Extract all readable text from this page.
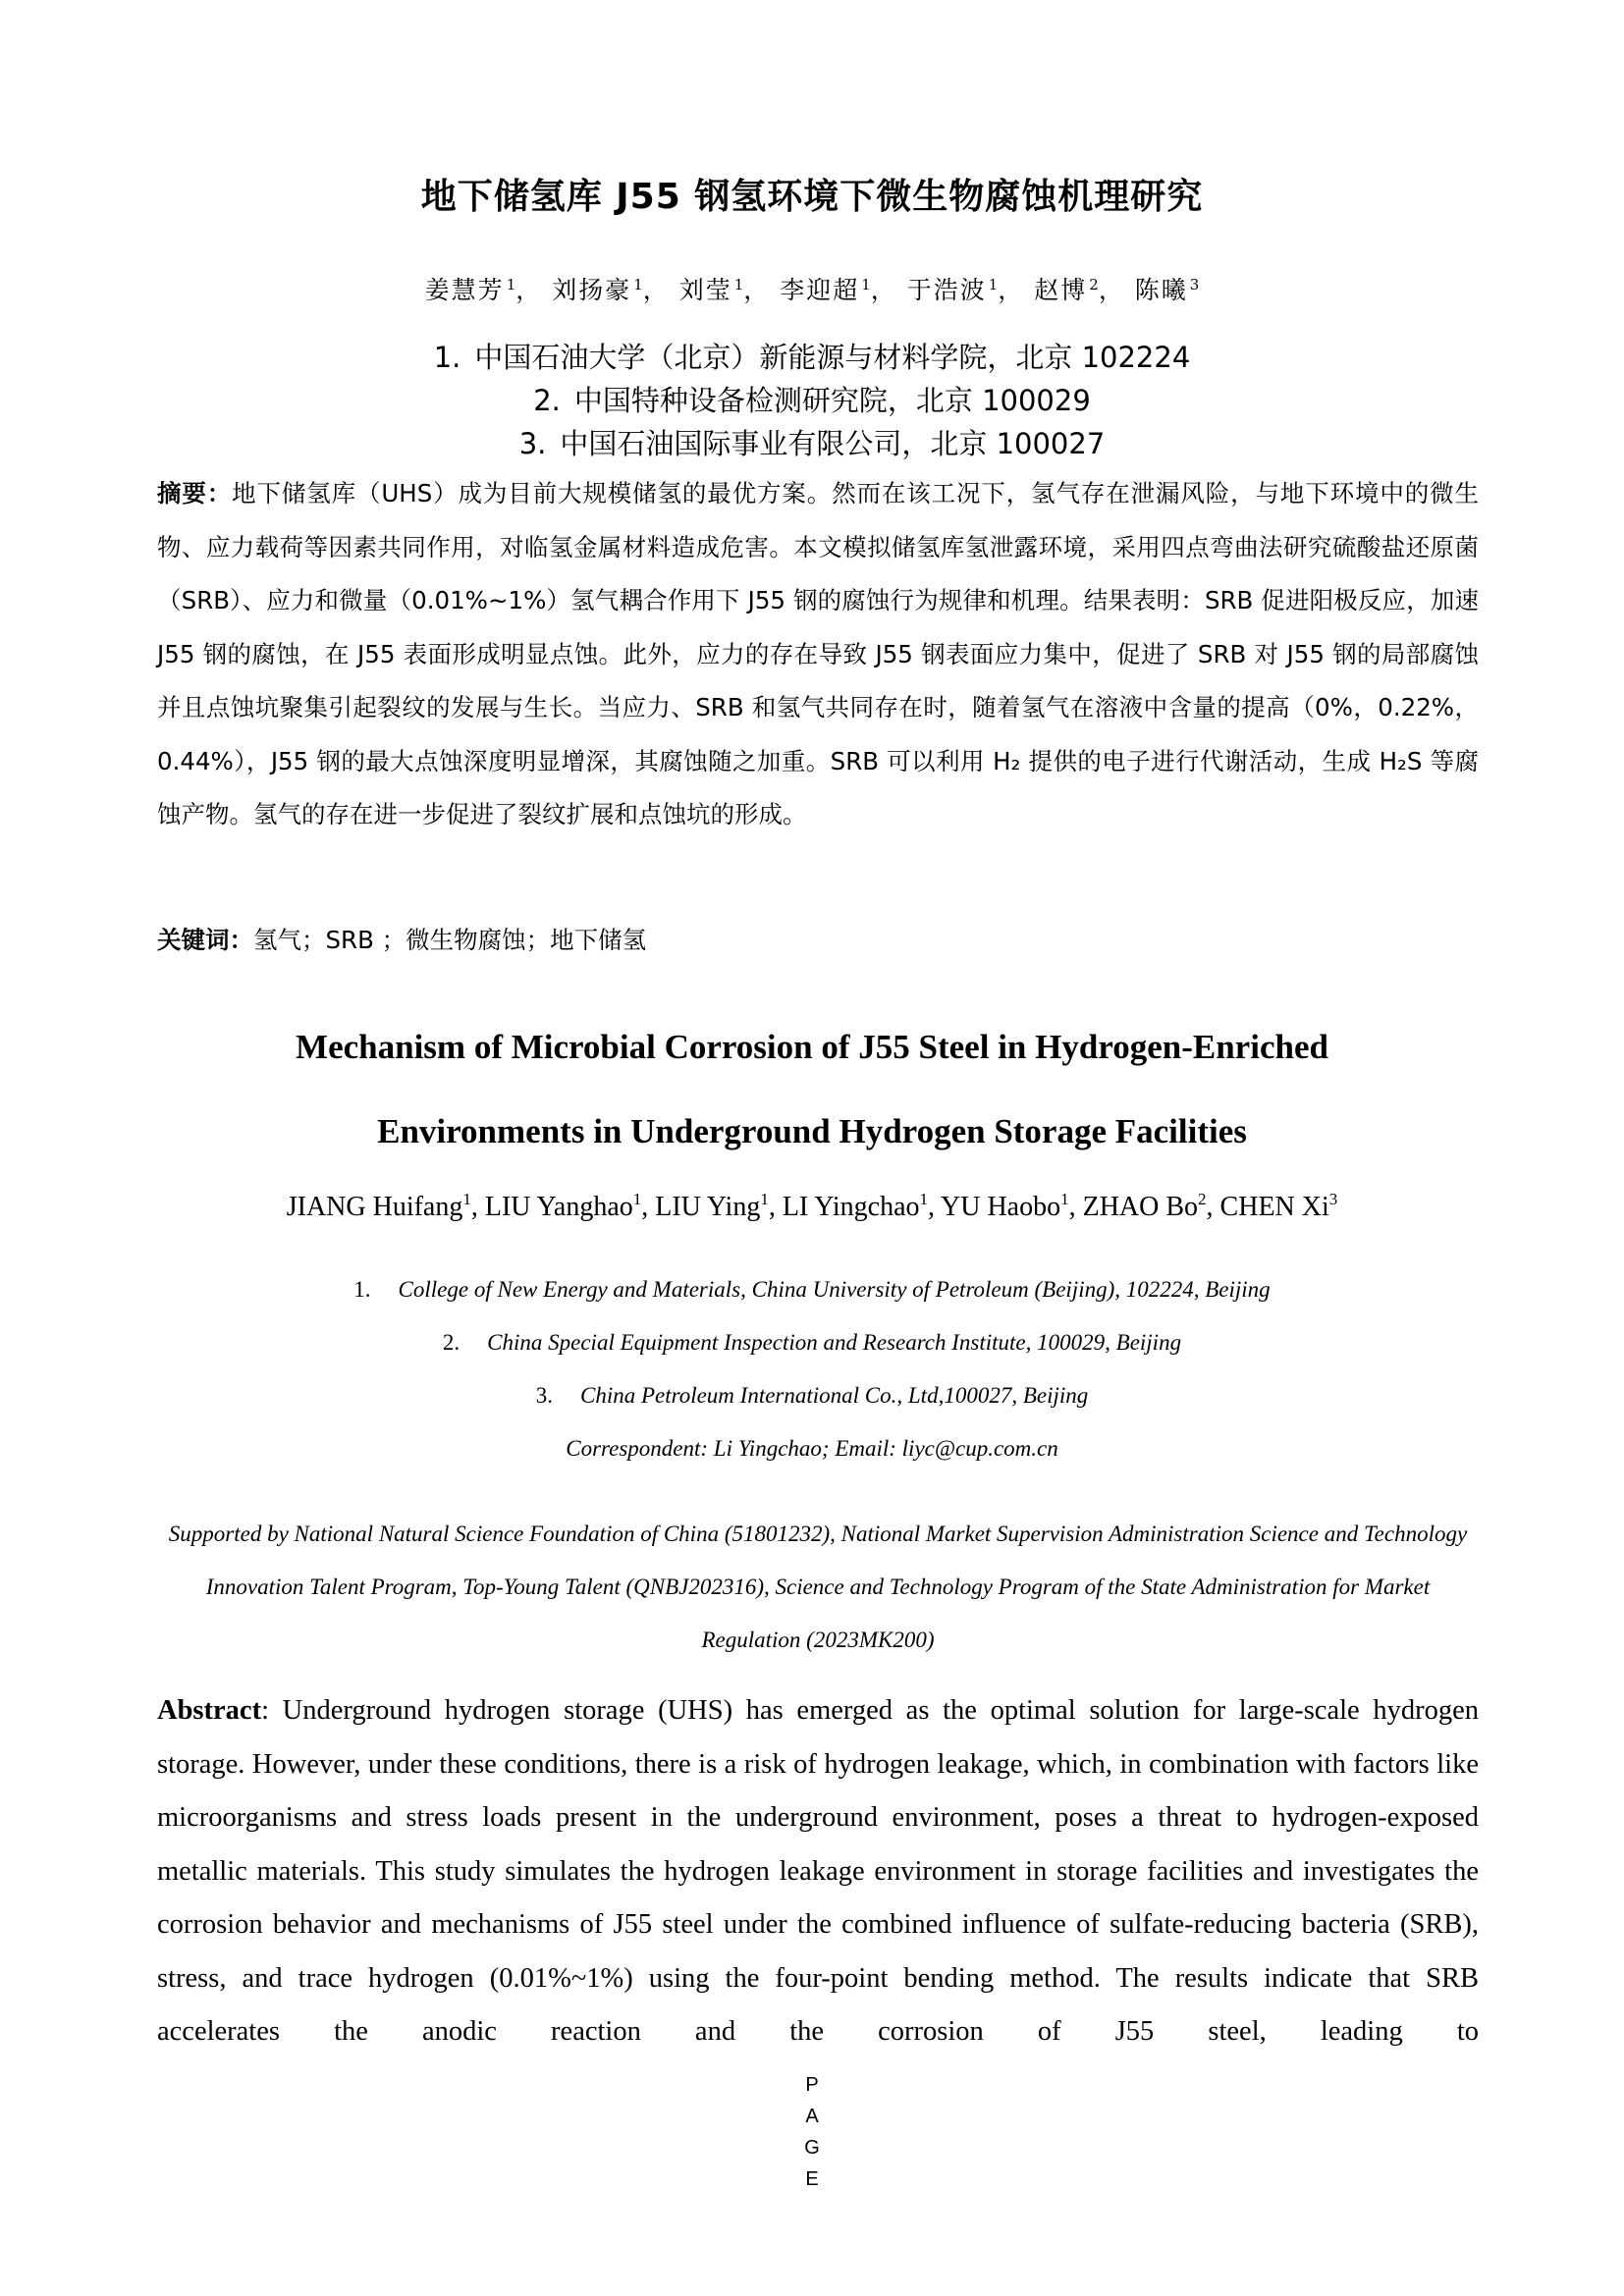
地下储氢库 J55 钢氢环境下微生物腐蚀机理研究
姜慧芳 $^1$， 刘扬豪 $^1$， 刘莹 $^1$， 李迎超 $^1$， 于浩波 $^1$， 赵博 $^2$， 陈曦 $^3$
1. 中国石油大学（北京）新能源与材料学院，北京 102224
2. 中国特种设备检测研究院，北京 100029
3. 中国石油国际事业有限公司，北京 100027
摘要：地下储氢库（UHS）成为目前大规模储氢的最优方案。然而在该工况下，氢气存在泄漏风险，与地下环境中的微生物、应力载荷等因素共同作用，对临氢金属材料造成危害。本文模拟储氢库氢泄露环境，采用四点弯曲法研究硫酸盐还原菌（SRB）、应力和微量（0.01%~1%）氢气耦合作用下 J55 钢的腐蚀行为规律和机理。结果表明：SRB 促进阳极反应，加速 J55 钢的腐蚀，在 J55 表面形成明显点蚀。此外，应力的存在导致 J55 钢表面应力集中，促进了 SRB 对 J55 钢的局部腐蚀并且点蚀坑聚集引起裂纹的发展与生长。当应力、SRB 和氢气共同存在时，随着氢气在溶液中含量的提高（0%，0.22%，0.44%），J55 钢的最大点蚀深度明显增深，其腐蚀随之加重。SRB 可以利用 H₂ 提供的电子进行代谢活动，生成 H₂S 等腐蚀产物。氢气的存在进一步促进了裂纹扩展和点蚀坑的形成。
关键词：氢气；SRB ；微生物腐蚀；地下储氢
Mechanism of Microbial Corrosion of J55 Steel in Hydrogen-Enriched
Environments in Underground Hydrogen Storage Facilities
JIANG Huifang$^1$, LIU Yanghao$^1$, LIU Ying$^1$, LI Yingchao$^1$, YU Haobo$^1$, ZHAO Bo$^2$, CHEN Xi$^3$
1. College of New Energy and Materials, China University of Petroleum (Beijing), 102224, Beijing
2. China Special Equipment Inspection and Research Institute, 100029, Beijing
3. China Petroleum International Co., Ltd,100027, Beijing
Correspondent: Li Yingchao; Email: liyc@cup.com.cn
Supported by National Natural Science Foundation of China (51801232), National Market Supervision Administration Science and Technology Innovation Talent Program, Top-Young Talent (QNBJ202316), Science and Technology Program of the State Administration for Market Regulation (2023MK200)
Abstract: Underground hydrogen storage (UHS) has emerged as the optimal solution for large-scale hydrogen storage. However, under these conditions, there is a risk of hydrogen leakage, which, in combination with factors like microorganisms and stress loads present in the underground environment, poses a threat to hydrogen-exposed metallic materials. This study simulates the hydrogen leakage environment in storage facilities and investigates the corrosion behavior and mechanisms of J55 steel under the combined influence of sulfate-reducing bacteria (SRB), stress, and trace hydrogen (0.01%~1%) using the four-point bending method. The results indicate that SRB accelerates the anodic reaction and the corrosion of J55 steel, leading to
P
A
G
E
